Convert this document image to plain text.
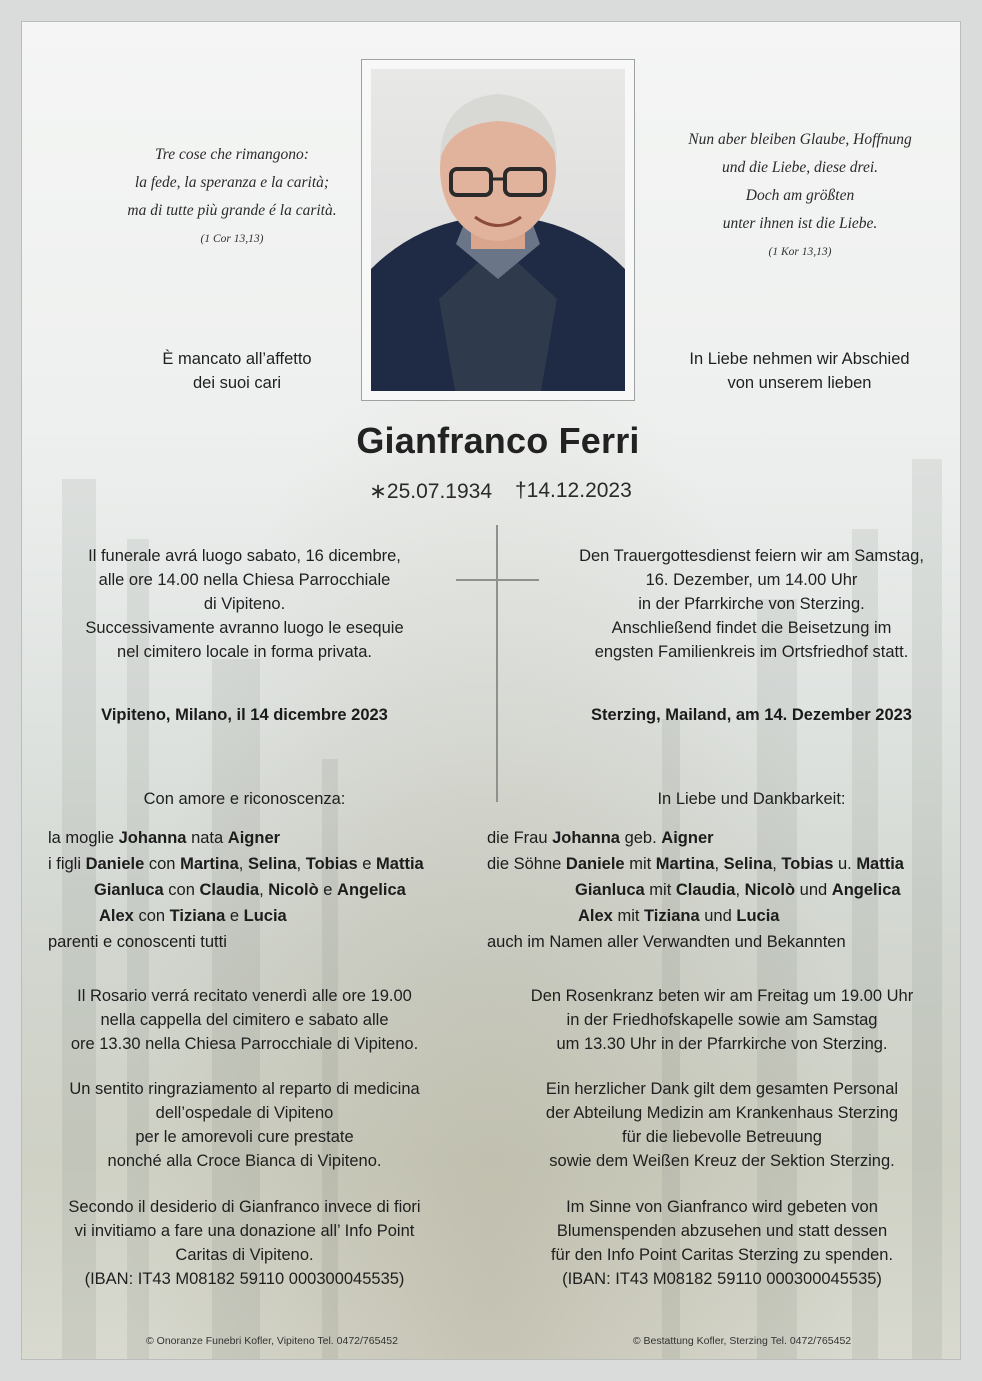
Tre cose che rimangono:
la fede, la speranza e la carità;
ma di tutte più grande é la carità.
(1 Cor 13,13)
Nun aber bleiben Glaube, Hoffnung
und die Liebe, diese drei.
Doch am größten
unter ihnen ist die Liebe.
(1 Kor 13,13)
È mancato all’affetto
dei suoi cari
In Liebe nehmen wir Abschied
von unserem lieben
Gianfranco Ferri
∗25.07.1934 †14.12.2023
Il funerale avrá luogo sabato, 16 dicembre,
alle ore 14.00 nella Chiesa Parrocchiale
di Vipiteno.
Successivamente avranno luogo le esequie
nel cimitero locale in forma privata.
Den Trauergottesdienst feiern wir am Samstag,
16. Dezember, um 14.00 Uhr
in der Pfarrkirche von Sterzing.
Anschließend findet die Beisetzung im
engsten Familienkreis im Ortsfriedhof statt.
Vipiteno, Milano, il 14 dicembre 2023	Sterzing, Mailand, am 14. Dezember 2023
Con amore e riconoscenza:	In Liebe und Dankbarkeit:
la moglie Johanna nata Aigner
i figli Daniele con Martina, Selina, Tobias e Mattia
Gianluca con Claudia, Nicolò e Angelica
Alex con Tiziana e Lucia
parenti e conoscenti tutti
die Frau Johanna geb. Aigner
die Söhne Daniele mit Martina, Selina, Tobias u. Mattia
Gianluca mit Claudia, Nicolò und Angelica
Alex mit Tiziana und Lucia
auch im Namen aller Verwandten und Bekannten
Il Rosario verrá recitato venerdì alle ore 19.00
nella cappella del cimitero e sabato alle
ore 13.30 nella Chiesa Parrocchiale di Vipiteno.
Den Rosenkranz beten wir am Freitag um 19.00 Uhr
in der Friedhofskapelle sowie am Samstag
um 13.30 Uhr in der Pfarrkirche von Sterzing.
Un sentito ringraziamento al reparto di medicina
dell’ospedale di Vipiteno
per le amorevoli cure prestate
nonché alla Croce Bianca di Vipiteno.
Ein herzlicher Dank gilt dem gesamten Personal
der Abteilung Medizin am Krankenhaus Sterzing
für die liebevolle Betreuung
sowie dem Weißen Kreuz der Sektion Sterzing.
Secondo il desiderio di Gianfranco invece di fiori
vi invitiamo a fare una donazione all’ Info Point
Caritas di Vipiteno.
(IBAN: IT43 M08182 59110 000300045535)
Im Sinne von Gianfranco wird gebeten von
Blumenspenden abzusehen und statt dessen
für den Info Point Caritas Sterzing zu spenden.
(IBAN: IT43 M08182 59110 000300045535)
© Onoranze Funebri Kofler, Vipiteno Tel. 0472/765452	© Bestattung Kofler, Sterzing Tel. 0472/765452
